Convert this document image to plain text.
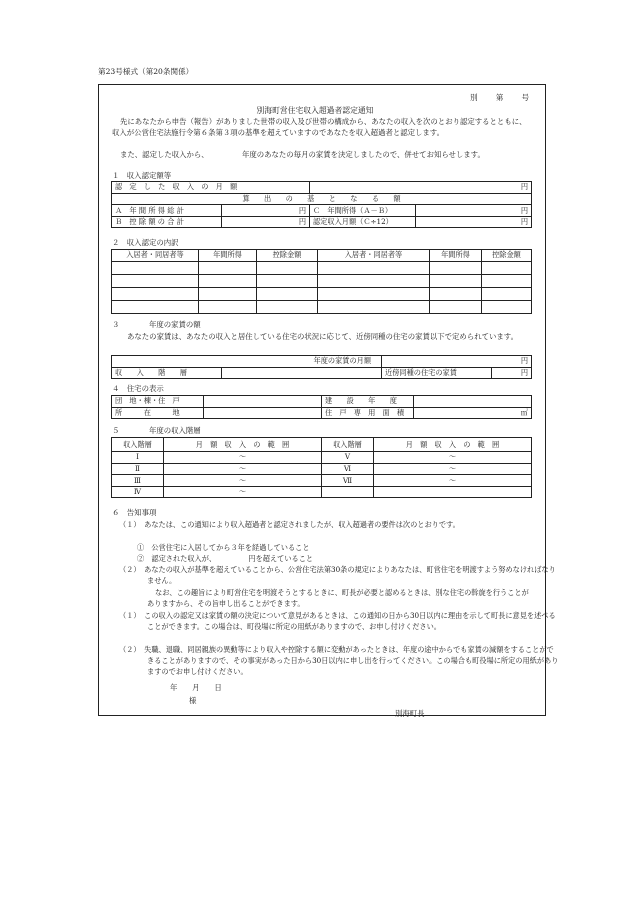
第23号様式（第20条関係）
別　　第　　号
別海町営住宅収入超過者認定通知
先にあなたから申告（報告）がありました世帯の収入及び世帯の構成から、あなたの収入を次のとおり認定するとともに、収入が公営住宅法施行令第６条第３項の基準を超えていますのであなたを収入超過者と認定します。
また、認定した収入から、　　　　　年度のあなたの毎月の家賃を決定しましたので、併せてお知らせします。
１　収入認定額等
認　定　し　た　収　入　の　月　額		円	
算　　出　　の　　基　　と　　な　　る　　額			
Ａ　年 間 所 得 総 計	円	Ｃ　年間所得（Ａ－Ｂ）	円
Ｂ　控 除 額 の 合 計	円	認定収入月額（Ｃ÷12）	円
２　収入認定の内訳
入居者・同居者等	年間所得	控除金額	入居者・同居者等	年間所得	控除金額

３　　　　年度の家賃の額
あなたの家賃は、あなたの収入と居住している住宅の状況に応じて、近傍同種の住宅の家賃以下で定められています。
年度の家賃の月額		円	
収　　入　　階　　層		近傍同種の住宅の家賃	円
４　住宅の表示
団　地・棟・住　戸		建　　設　　年　　度	
所　　　在　　　地		住　戸　専　用　面　積	㎡
５　　　　年度の収入階層
収入階層	月　額　収　入　の　範　囲	収入階層	月　額　収　入　の　範　囲
Ⅰ	～	Ⅴ	～
Ⅱ	～	Ⅵ	～
Ⅲ	～	Ⅶ	～
Ⅳ	～		
６　告知事項
（１）　あなたは、この通知により収入超過者と認定されましたが、収入超過者の要件は次のとおりです。
①　公営住宅に入居してから３年を経過していること
②　認定された収入が、　　　　　円を超えていること
（２）　あなたの収入が基準を超えていることから、公営住宅法第30条の規定によりあなたは、町営住宅を明渡すよう努めなければなりません。
なお、この趣旨により町営住宅を明渡そうとするときに、町長が必要と認めるときは、別な住宅の斡旋を行うことがありますから、その旨申し出ることができます。
（１）　この収入の認定又は家賃の額の決定について意見があるときは、この通知の日から30日以内に理由を示して町長に意見を述べることができます。この場合は、町役場に所定の用紙がありますので、お申し付けください。
（２）　失職、退職、同居親族の異動等により収入や控除する額に変動があったときは、年度の途中からでも家賃の減額をすることができることがありますので、その事実があった日から30日以内に申し出を行ってください。この場合も町役場に所定の用紙がありますのでお申し付けください。
年　　月　　日
様
別海町長
